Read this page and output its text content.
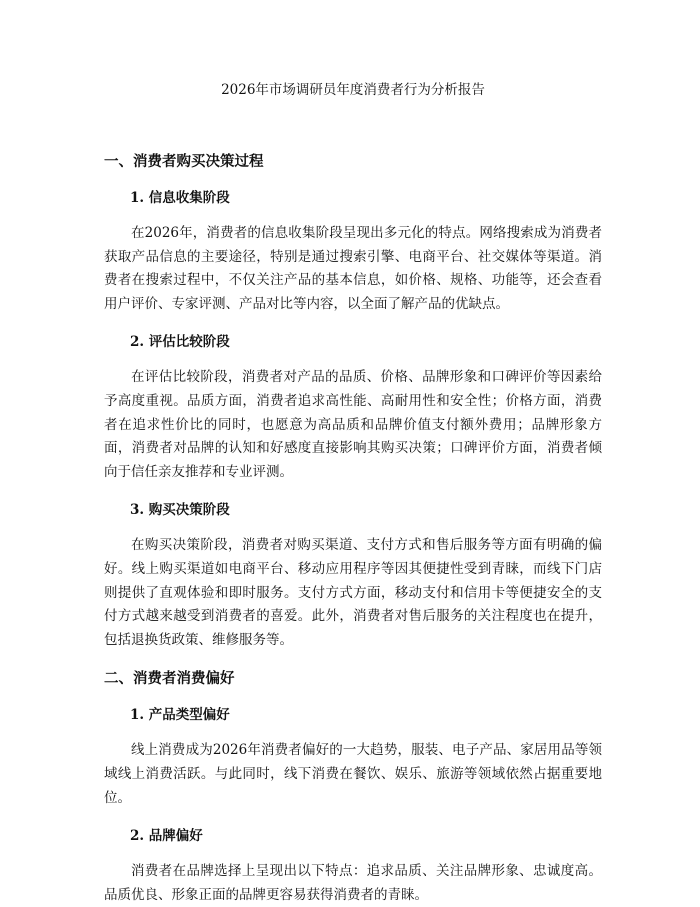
2026年市场调研员年度消费者行为分析报告
一、消费者购买决策过程
1. 信息收集阶段

在2026年，消费者的信息收集阶段呈现出多元化的特点。网络搜索成为消费者获取产品信息的主要途径，特别是通过搜索引擎、电商平台、社交媒体等渠道。消费者在搜索过程中，不仅关注产品的基本信息，如价格、规格、功能等，还会查看用户评价、专家评测、产品对比等内容，以全面了解产品的优缺点。

2. 评估比较阶段

在评估比较阶段，消费者对产品的品质、价格、品牌形象和口碑评价等因素给予高度重视。品质方面，消费者追求高性能、高耐用性和安全性；价格方面，消费者在追求性价比的同时，也愿意为高品质和品牌价值支付额外费用；品牌形象方面，消费者对品牌的认知和好感度直接影响其购买决策；口碑评价方面，消费者倾向于信任亲友推荐和专业评测。

3. 购买决策阶段

在购买决策阶段，消费者对购买渠道、支付方式和售后服务等方面有明确的偏好。线上购买渠道如电商平台、移动应用程序等因其便捷性受到青睐，而线下门店则提供了直观体验和即时服务。支付方式方面，移动支付和信用卡等便捷安全的支付方式越来越受到消费者的喜爱。此外，消费者对售后服务的关注程度也在提升，包括退换货政策、维修服务等。

二、消费者消费偏好
1. 产品类型偏好

线上消费成为2026年消费者偏好的一大趋势，服装、电子产品、家居用品等领域线上消费活跃。与此同时，线下消费在餐饮、娱乐、旅游等领域依然占据重要地位。

2. 品牌偏好

消费者在品牌选择上呈现出以下特点：追求品质、关注品牌形象、忠诚度高。品质优良、形象正面的品牌更容易获得消费者的青睐。
